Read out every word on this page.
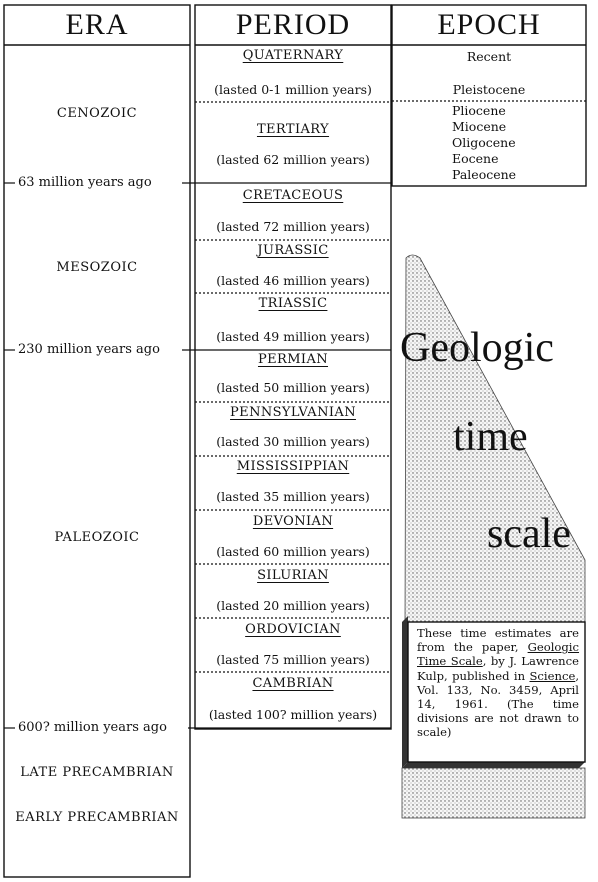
ERA	PERIOD	EPOCH
CENOZOIC
MESOZOIC
PALEOZOIC
LATE PRECAMBRIAN
EARLY PRECAMBRIAN
63 million years ago
230 million years ago
600? million years ago
QUATERNARY
(lasted 0-1 million years)
TERTIARY
(lasted 62 million years)
CRETACEOUS
(lasted 72 million years)
JURASSIC
(lasted 46 million years)
TRIASSIC
(lasted 49 million years)
PERMIAN
(lasted 50 million years)
PENNSYLVANIAN
(lasted 30 million years)
MISSISSIPPIAN
(lasted 35 million years)
DEVONIAN
(lasted 60 million years)
SILURIAN
(lasted 20 million years)
ORDOVICIAN
(lasted 75 million years)
CAMBRIAN
(lasted 100? million years)
Recent
Pleistocene
Pliocene
Miocene
Oligocene
Eocene
Paleocene
Geologic
time
scale
These time estimates are from the paper, Geologic Time Scale, by J. Lawrence Kulp, published in Science, Vol. 133, No. 3459, April 14, 1961. (The time divisions are not drawn to scale)
